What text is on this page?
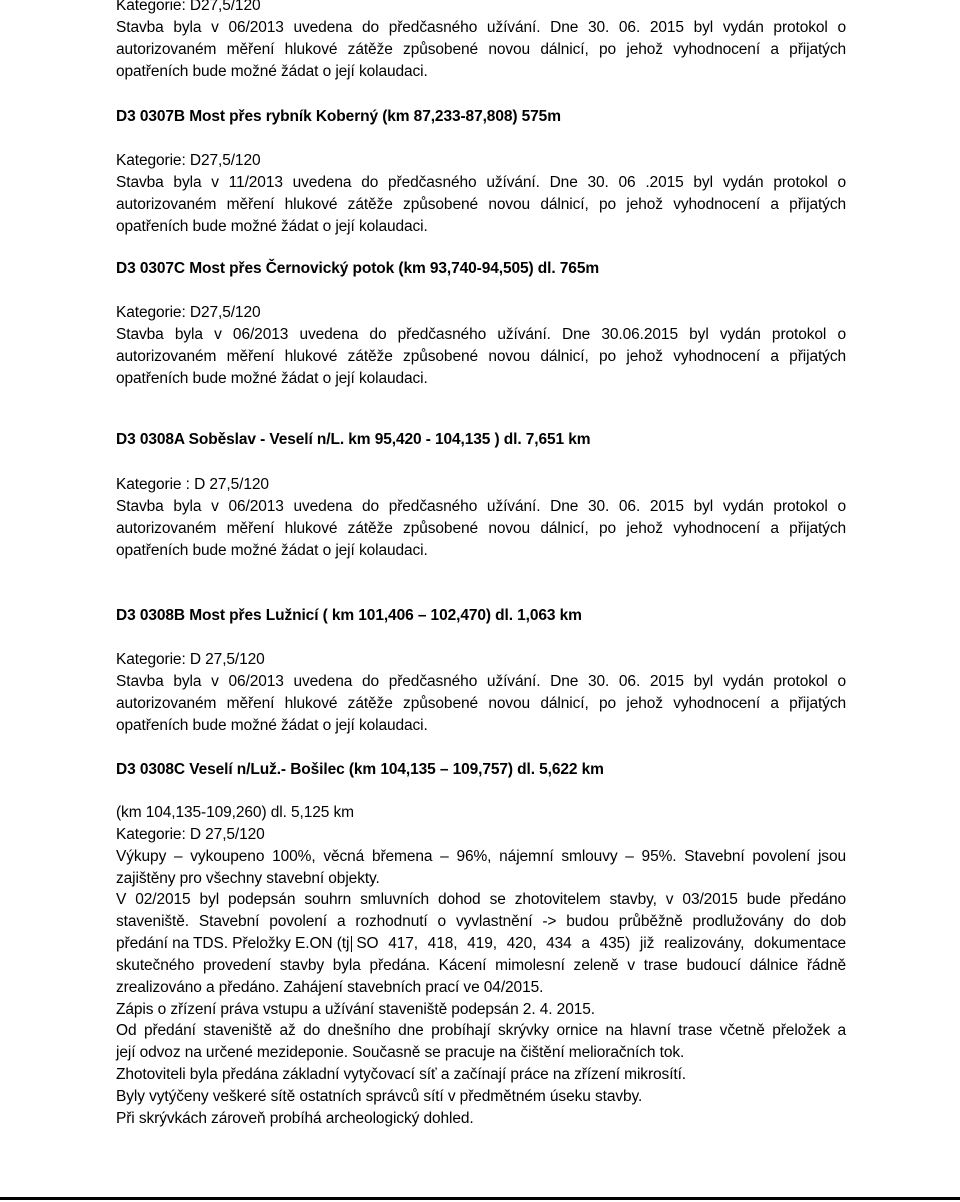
Kategorie: D27,5/120
Stavba byla v 06/2013 uvedena do předčasného užívání. Dne 30. 06. 2015 byl vydán protokol o
autorizovaném měření hlukové zátěže způsobené novou dálnicí, po jehož vyhodnocení a přijatých
opatřeních bude možné žádat o její kolaudaci.
D3 0307B Most přes rybník Koberný (km 87,233-87,808) 575m
Kategorie: D27,5/120
Stavba byla v 11/2013 uvedena do předčasného užívání. Dne 30. 06 .2015 byl vydán protokol o
autorizovaném měření hlukové zátěže způsobené novou dálnicí, po jehož vyhodnocení a přijatých
opatřeních bude možné žádat o její kolaudaci.
D3 0307C Most přes Černovický potok (km 93,740-94,505) dl. 765m
Kategorie: D27,5/120
Stavba byla v 06/2013 uvedena do předčasného užívání. Dne 30.06.2015 byl vydán protokol o
autorizovaném měření hlukové zátěže způsobené novou dálnicí, po jehož vyhodnocení a přijatých
opatřeních bude možné žádat o její kolaudaci.
D3 0308A Soběslav - Veselí n/L. km 95,420 - 104,135 ) dl. 7,651 km
Kategorie : D 27,5/120
Stavba byla v 06/2013 uvedena do předčasného užívání. Dne 30. 06. 2015 byl vydán protokol o
autorizovaném měření hlukové zátěže způsobené novou dálnicí, po jehož vyhodnocení a přijatých
opatřeních bude možné žádat o její kolaudaci.
D3 0308B Most přes Lužnicí ( km 101,406 – 102,470) dl. 1,063 km
Kategorie: D 27,5/120
Stavba byla v 06/2013 uvedena do předčasného užívání. Dne 30. 06. 2015 byl vydán protokol o
autorizovaném měření hlukové zátěže způsobené novou dálnicí, po jehož vyhodnocení a přijatých
opatřeních bude možné žádat o její kolaudaci.
D3 0308C Veselí n/Luž.- Bošilec (km 104,135 – 109,757) dl. 5,622 km
(km 104,135-109,260) dl. 5,125 km
Kategorie: D 27,5/120
Výkupy – vykoupeno 100%, věcná břemena – 96%, nájemní smlouvy – 95%. Stavební povolení jsou
zajištěny pro všechny stavební objekty.
V 02/2015 byl podepsán souhrn smluvních dohod se zhotovitelem stavby, v 03/2015 bude předáno
staveniště. Stavební povolení a rozhodnutí o vyvlastnění -> budou průběžně prodlužovány do dob
předání na TDS. Přeložky E.ON (tj SO 417, 418, 419, 420, 434 a 435) již realizovány, dokumentace
skutečného provedení stavby byla předána. Kácení mimolesní zeleně v trase budoucí dálnice řádně
zrealizováno a předáno. Zahájení stavebních prací ve 04/2015.
Zápis o zřízení práva vstupu a užívání staveniště podepsán 2. 4. 2015.
Od předání staveniště až do dnešního dne probíhají skrývky ornice na hlavní trase včetně přeložek a
její odvoz na určené mezideponie. Současně se pracuje na čištění melioračních tok.
Zhotoviteli byla předána základní vytyčovací síť a začínají práce na zřízení mikrosítí.
Byly vytýčeny veškeré sítě ostatních správců sítí v předmětném úseku stavby.
Při skrývkách zároveň probíhá archeologický dohled.
